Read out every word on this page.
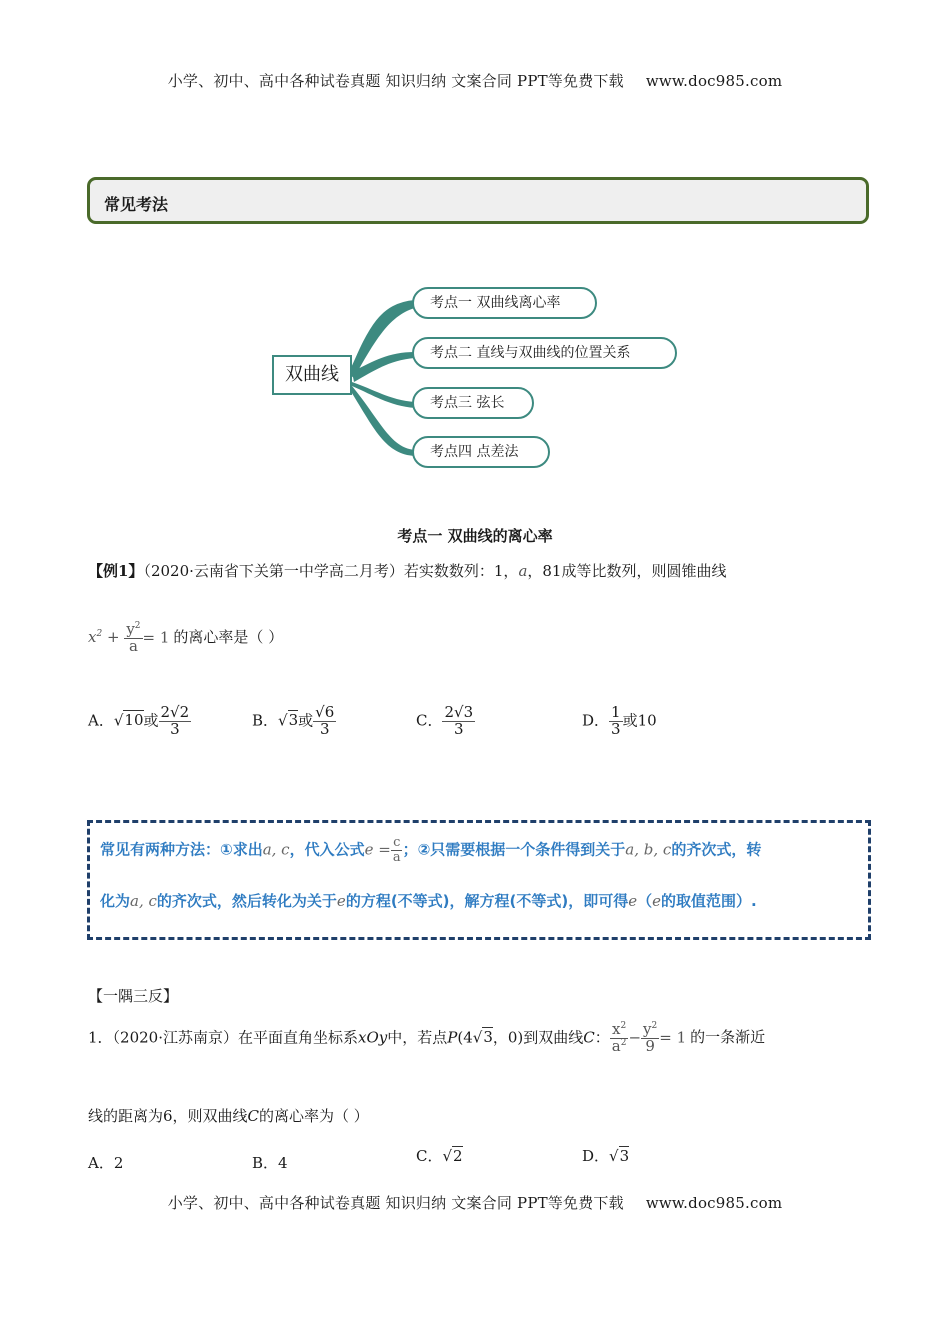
小学、初中、高中各种试卷真题 知识归纳 文案合同 PPT等免费下载 www.doc985.com
常见考法
双曲线
考点一 双曲线离心率
考点二 直线与双曲线的位置关系
考点三 弦长
考点四 点差法
考点一 双曲线的离心率
【例1】（2020·云南省下关第一中学高二月考）若实数数列：1，a，81成等比数列，则圆锥曲线
$x^2 + \frac{y^2}{a} = 1$ 的离心率是（ ）
A．√10或 $\frac{2√2}{3}$	B．√3或 $\frac{√6}{3}$	C． $\frac{2√3}{3}$	D． $\frac{1}{3}$ 或10
常见有两种方法：①求出a, c，代入公式$e = \frac{c}{a}$ ；②只需要根据一个条件得到关于a, b, c的齐次式，转
化为a, c的齐次式，然后转化为关于e的方程(不等式)，解方程(不等式)，即可得e（e的取值范围）.
【一隅三反】
1．（2020·江苏南京）在平面直角坐标系xOy中，若点P(4√3，0)到双曲线C： $\frac{x^2}{a^2} - \frac{y^2}{9} = 1$ 的一条渐近
线的距离为6，则双曲线C的离心率为（ ）
A．2	B．4	C．√2	D．√3
小学、初中、高中各种试卷真题 知识归纳 文案合同 PPT等免费下载 www.doc985.com
